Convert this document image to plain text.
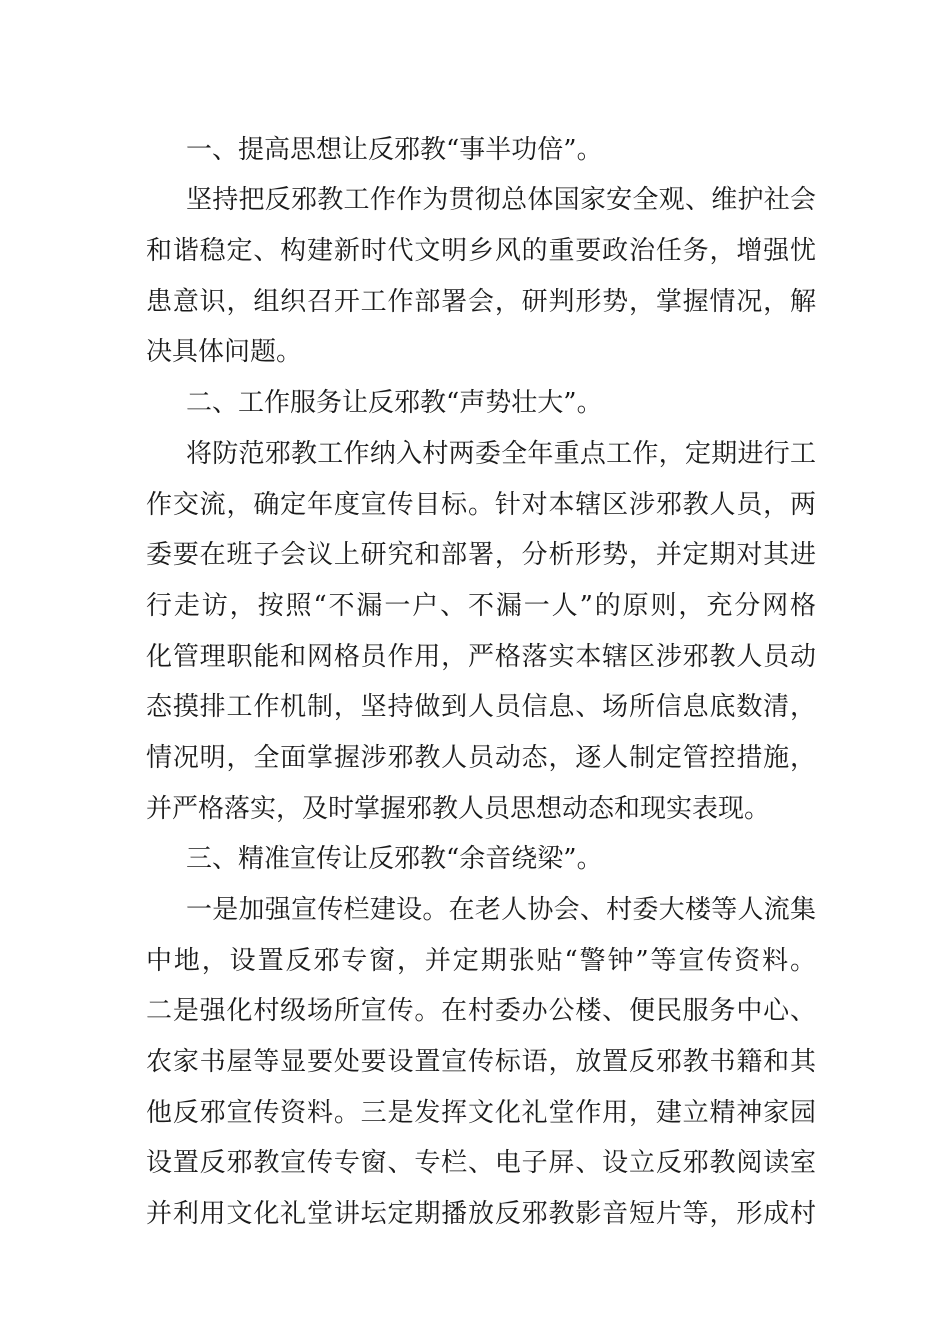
一、提高思想让反邪教“事半功倍”。
坚持把反邪教工作作为贯彻总体国家安全观、维护社会
和谐稳定、构建新时代文明乡风的重要政治任务，增强忧
患意识，组织召开工作部署会，研判形势，掌握情况，解
决具体问题。
二、工作服务让反邪教“声势壮大”。
将防范邪教工作纳入村两委全年重点工作，定期进行工
作交流，确定年度宣传目标。针对本辖区涉邪教人员，两
委要在班子会议上研究和部署，分析形势，并定期对其进
行走访，按照“不漏一户、不漏一人”的原则，充分网格
化管理职能和网格员作用，严格落实本辖区涉邪教人员动
态摸排工作机制，坚持做到人员信息、场所信息底数清，
情况明，全面掌握涉邪教人员动态，逐人制定管控措施，
并严格落实，及时掌握邪教人员思想动态和现实表现。
三、精准宣传让反邪教“余音绕梁”。
一是加强宣传栏建设。在老人协会、村委大楼等人流集
中地，设置反邪专窗，并定期张贴“警钟”等宣传资料。
二是强化村级场所宣传。在村委办公楼、便民服务中心、
农家书屋等显要处要设置宣传标语，放置反邪教书籍和其
他反邪宣传资料。三是发挥文化礼堂作用，建立精神家园
设置反邪教宣传专窗、专栏、电子屏、设立反邪教阅读室
并利用文化礼堂讲坛定期播放反邪教影音短片等，形成村
